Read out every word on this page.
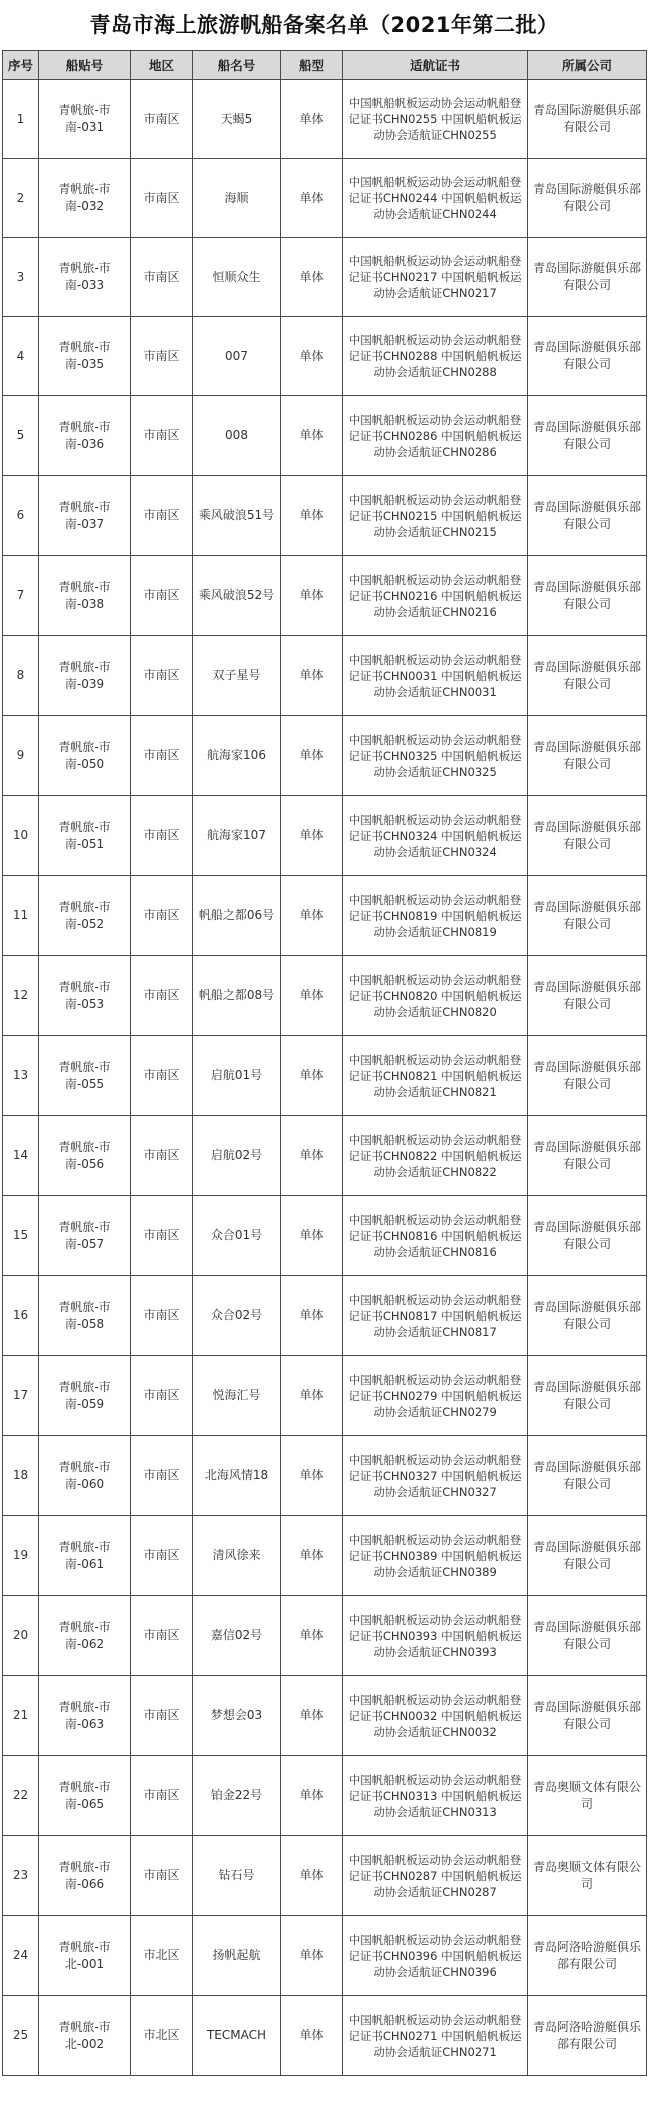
青岛市海上旅游帆船备案名单（2021年第二批）
序号	船贴号	地区	船名号	船型	适航证书	所属公司
1	青帆旅-市南-031	市南区	天蝎5	单体	中国帆船帆板运动协会运动帆船登记证书CHN0255 中国帆船帆板运动协会适航证CHN0255	青岛国际游艇俱乐部有限公司
2	青帆旅-市南-032	市南区	海顺	单体	中国帆船帆板运动协会运动帆船登记证书CHN0244 中国帆船帆板运动协会适航证CHN0244	青岛国际游艇俱乐部有限公司
3	青帆旅-市南-033	市南区	恒顺众生	单体	中国帆船帆板运动协会运动帆船登记证书CHN0217 中国帆船帆板运动协会适航证CHN0217	青岛国际游艇俱乐部有限公司
4	青帆旅-市南-035	市南区	007	单体	中国帆船帆板运动协会运动帆船登记证书CHN0288 中国帆船帆板运动协会适航证CHN0288	青岛国际游艇俱乐部有限公司
5	青帆旅-市南-036	市南区	008	单体	中国帆船帆板运动协会运动帆船登记证书CHN0286 中国帆船帆板运动协会适航证CHN0286	青岛国际游艇俱乐部有限公司
6	青帆旅-市南-037	市南区	乘风破浪51号	单体	中国帆船帆板运动协会运动帆船登记证书CHN0215 中国帆船帆板运动协会适航证CHN0215	青岛国际游艇俱乐部有限公司
7	青帆旅-市南-038	市南区	乘风破浪52号	单体	中国帆船帆板运动协会运动帆船登记证书CHN0216 中国帆船帆板运动协会适航证CHN0216	青岛国际游艇俱乐部有限公司
8	青帆旅-市南-039	市南区	双子星号	单体	中国帆船帆板运动协会运动帆船登记证书CHN0031 中国帆船帆板运动协会适航证CHN0031	青岛国际游艇俱乐部有限公司
9	青帆旅-市南-050	市南区	航海家106	单体	中国帆船帆板运动协会运动帆船登记证书CHN0325 中国帆船帆板运动协会适航证CHN0325	青岛国际游艇俱乐部有限公司
10	青帆旅-市南-051	市南区	航海家107	单体	中国帆船帆板运动协会运动帆船登记证书CHN0324 中国帆船帆板运动协会适航证CHN0324	青岛国际游艇俱乐部有限公司
11	青帆旅-市南-052	市南区	帆船之都06号	单体	中国帆船帆板运动协会运动帆船登记证书CHN0819 中国帆船帆板运动协会适航证CHN0819	青岛国际游艇俱乐部有限公司
12	青帆旅-市南-053	市南区	帆船之都08号	单体	中国帆船帆板运动协会运动帆船登记证书CHN0820 中国帆船帆板运动协会适航证CHN0820	青岛国际游艇俱乐部有限公司
13	青帆旅-市南-055	市南区	启航01号	单体	中国帆船帆板运动协会运动帆船登记证书CHN0821 中国帆船帆板运动协会适航证CHN0821	青岛国际游艇俱乐部有限公司
14	青帆旅-市南-056	市南区	启航02号	单体	中国帆船帆板运动协会运动帆船登记证书CHN0822 中国帆船帆板运动协会适航证CHN0822	青岛国际游艇俱乐部有限公司
15	青帆旅-市南-057	市南区	众合01号	单体	中国帆船帆板运动协会运动帆船登记证书CHN0816 中国帆船帆板运动协会适航证CHN0816	青岛国际游艇俱乐部有限公司
16	青帆旅-市南-058	市南区	众合02号	单体	中国帆船帆板运动协会运动帆船登记证书CHN0817 中国帆船帆板运动协会适航证CHN0817	青岛国际游艇俱乐部有限公司
17	青帆旅-市南-059	市南区	悦海汇号	单体	中国帆船帆板运动协会运动帆船登记证书CHN0279 中国帆船帆板运动协会适航证CHN0279	青岛国际游艇俱乐部有限公司
18	青帆旅-市南-060	市南区	北海风情18	单体	中国帆船帆板运动协会运动帆船登记证书CHN0327 中国帆船帆板运动协会适航证CHN0327	青岛国际游艇俱乐部有限公司
19	青帆旅-市南-061	市南区	清风徐来	单体	中国帆船帆板运动协会运动帆船登记证书CHN0389 中国帆船帆板运动协会适航证CHN0389	青岛国际游艇俱乐部有限公司
20	青帆旅-市南-062	市南区	嘉信02号	单体	中国帆船帆板运动协会运动帆船登记证书CHN0393 中国帆船帆板运动协会适航证CHN0393	青岛国际游艇俱乐部有限公司
21	青帆旅-市南-063	市南区	梦想会03	单体	中国帆船帆板运动协会运动帆船登记证书CHN0032 中国帆船帆板运动协会适航证CHN0032	青岛国际游艇俱乐部有限公司
22	青帆旅-市南-065	市南区	铂金22号	单体	中国帆船帆板运动协会运动帆船登记证书CHN0313 中国帆船帆板运动协会适航证CHN0313	青岛奥顺文体有限公司
23	青帆旅-市南-066	市南区	钻石号	单体	中国帆船帆板运动协会运动帆船登记证书CHN0287 中国帆船帆板运动协会适航证CHN0287	青岛奥顺文体有限公司
24	青帆旅-市北-001	市北区	扬帆起航	单体	中国帆船帆板运动协会运动帆船登记证书CHN0396 中国帆船帆板运动协会适航证CHN0396	青岛阿洛哈游艇俱乐部有限公司
25	青帆旅-市北-002	市北区	TECMACH	单体	中国帆船帆板运动协会运动帆船登记证书CHN0271 中国帆船帆板运动协会适航证CHN0271	青岛阿洛哈游艇俱乐部有限公司
